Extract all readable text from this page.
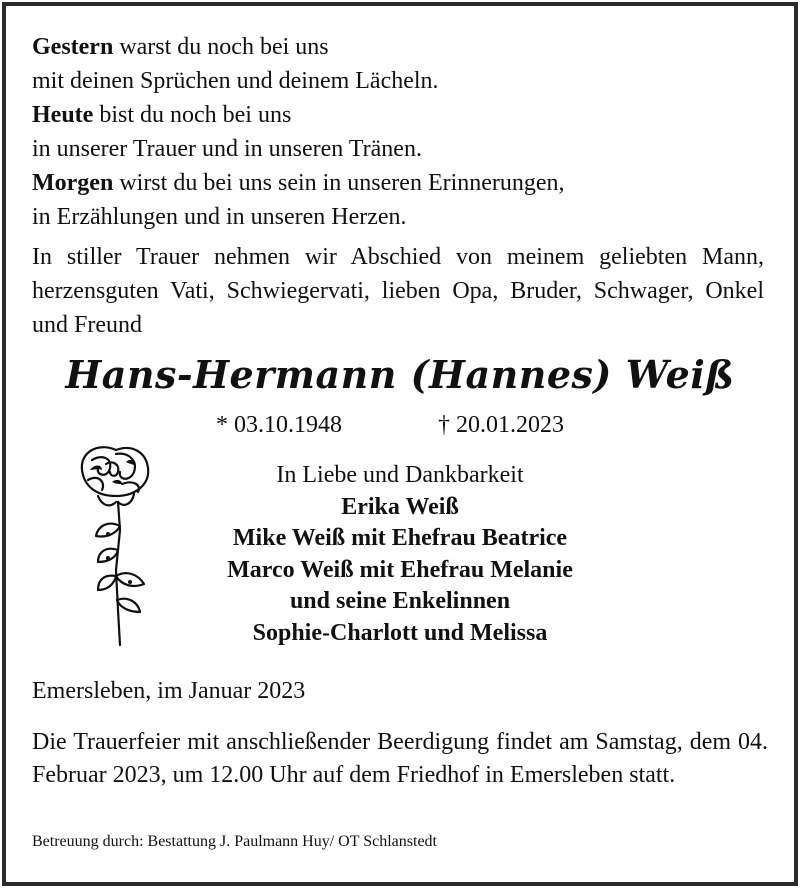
Gestern warst du noch bei uns
mit deinen Sprüchen und deinem Lächeln.
Heute bist du noch bei uns
in unserer Trauer und in unseren Tränen.
Morgen wirst du bei uns sein in unseren Erinnerungen,
in Erzählungen und in unseren Herzen.
In stiller Trauer nehmen wir Abschied von meinem geliebten Mann, herzensguten Vati, Schwiegervati, lieben Opa, Bruder, Schwager, Onkel und Freund
Hans-Hermann (Hannes) Weiß
* 03.10.1948	† 20.01.2023
In Liebe und Dankbarkeit
Erika Weiß
Mike Weiß mit Ehefrau Beatrice
Marco Weiß mit Ehefrau Melanie
und seine Enkelinnen
Sophie-Charlott und Melissa
Emersleben, im Januar 2023
Die Trauerfeier mit anschließender Beerdigung findet am Samstag, dem 04. Februar 2023, um 12.00 Uhr auf dem Friedhof in Emersleben statt.
Betreuung durch: Bestattung J. Paulmann Huy/ OT Schlanstedt
